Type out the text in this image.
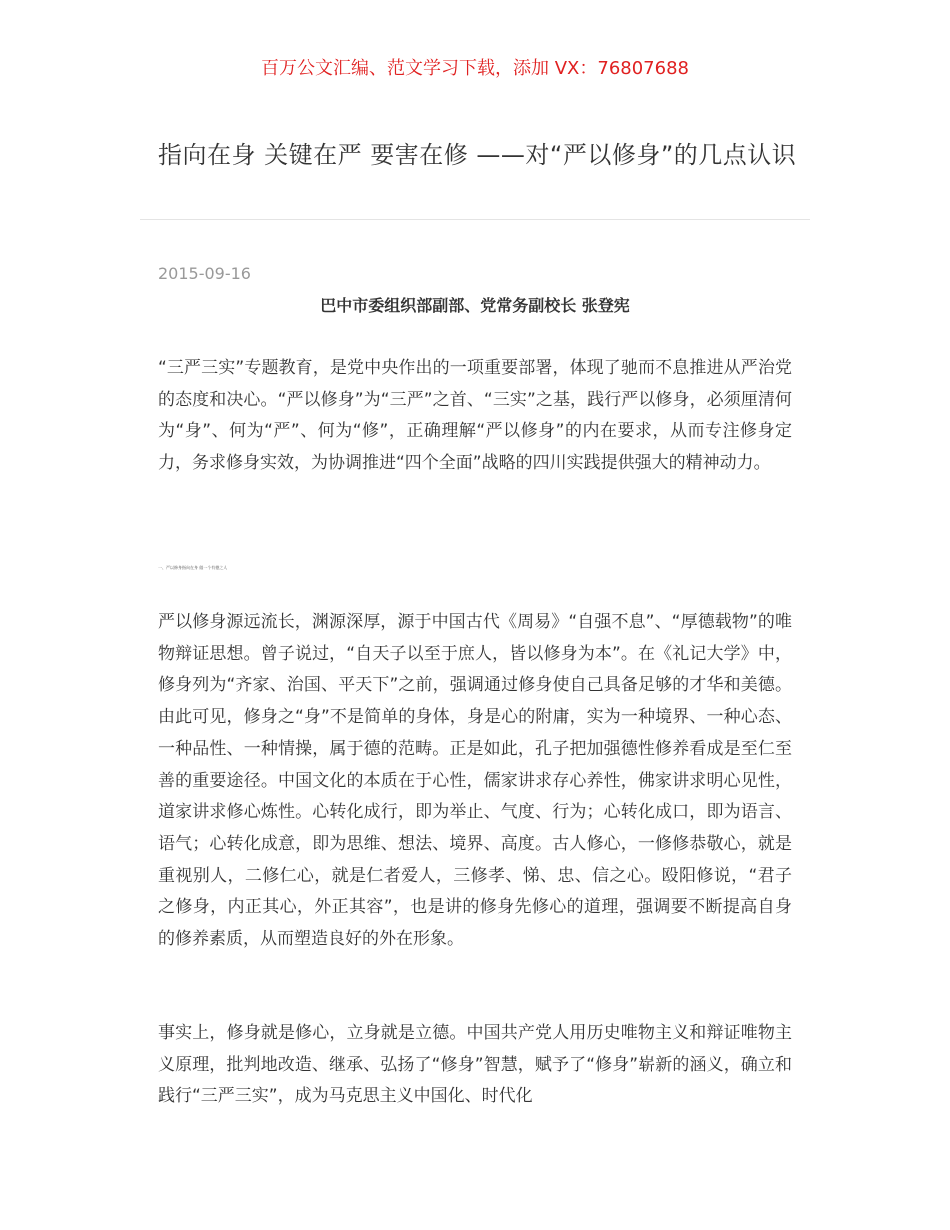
百万公文汇编、范文学习下载，添加 VX：76807688
指向在身 关键在严 要害在修 ——对“严以修身”的几点认识
2015-09-16
巴中市委组织部副部、党常务副校长 张登宪

“三严三实”专题教育，是党中央作出的一项重要部署，体现了驰而不息推进从严治党的态度和决心。“严以修身”为“三严”之首、“三实”之基，践行严以修身，必须厘清何为“身”、何为“严”、何为“修”，正确理解“严以修身”的内在要求，从而专注修身定力，务求修身实效，为协调推进“四个全面”战略的四川实践提供强大的精神动力。

一、严以修身指向在身 做一个有德之人

严以修身源远流长，渊源深厚，源于中国古代《周易》“自强不息”、“厚德载物”的唯物辩证思想。曾子说过，“自天子以至于庶人，皆以修身为本”。在《礼记大学》中，修身列为“齐家、治国、平天下”之前，强调通过修身使自己具备足够的才华和美德。由此可见，修身之“身”不是简单的身体，身是心的附庸，实为一种境界、一种心态、一种品性、一种情操，属于德的范畴。正是如此，孔子把加强德性修养看成是至仁至善的重要途径。中国文化的本质在于心性，儒家讲求存心养性，佛家讲求明心见性，道家讲求修心炼性。心转化成行，即为举止、气度、行为；心转化成口，即为语言、语气；心转化成意，即为思维、想法、境界、高度。古人修心，一修修恭敬心，就是重视别人，二修仁心，就是仁者爱人，三修孝、悌、忠、信之心。殴阳修说，“君子之修身，内正其心，外正其容”，也是讲的修身先修心的道理，强调要不断提高自身的修养素质，从而塑造良好的外在形象。

事实上，修身就是修心，立身就是立德。中国共产党人用历史唯物主义和辩证唯物主义原理，批判地改造、继承、弘扬了“修身”智慧，赋予了“修身”崭新的涵义，确立和践行“三严三实”，成为马克思主义中国化、时代化
